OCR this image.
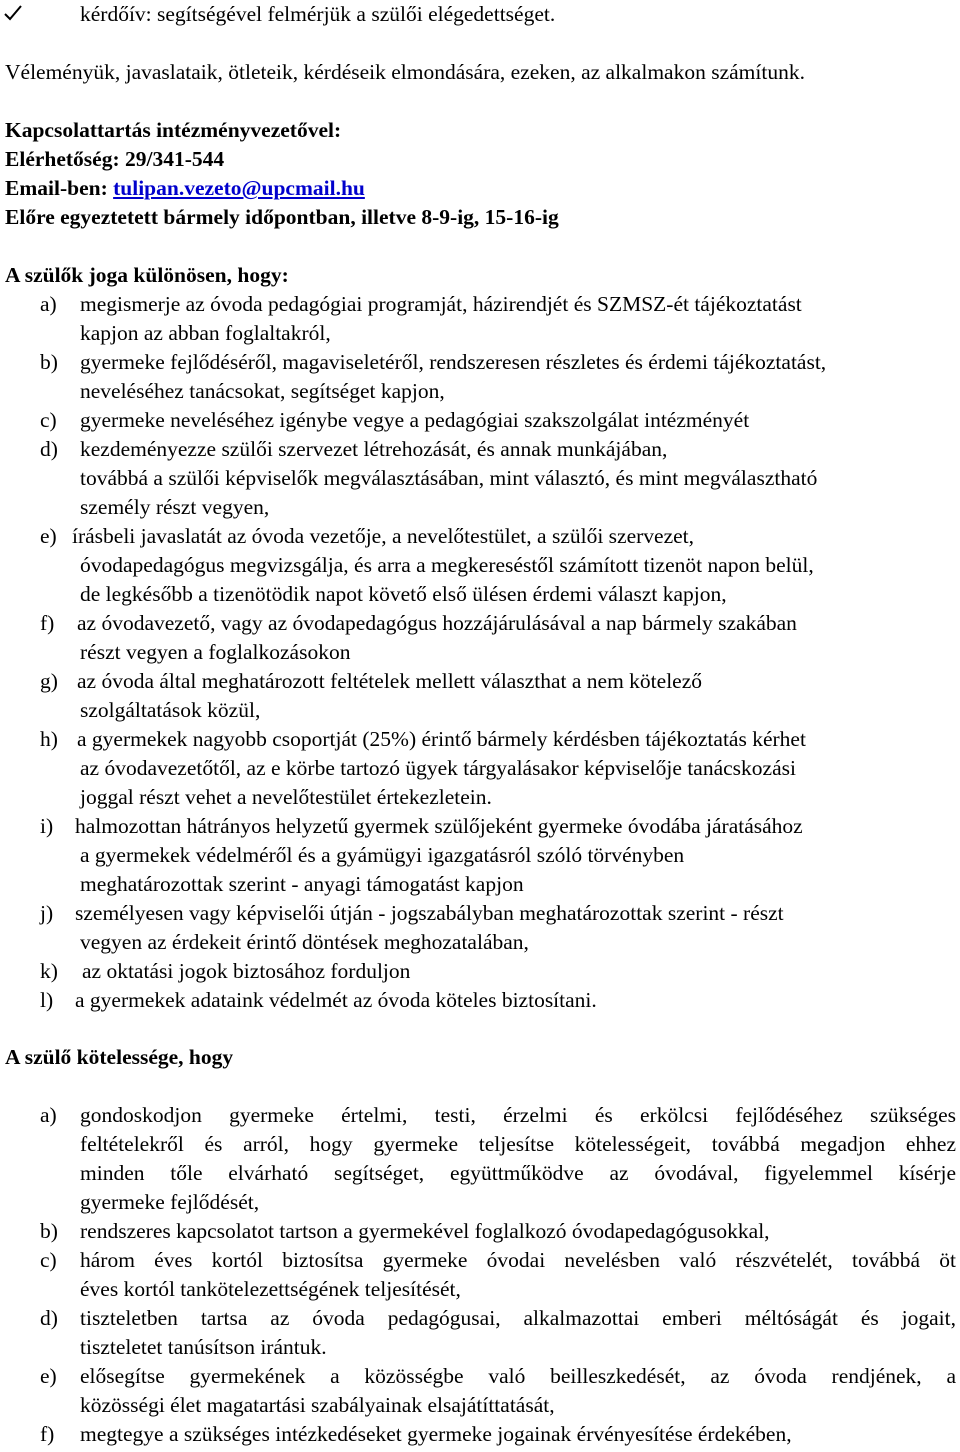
kérdőív: segítségével felmérjük a szülői elégedettséget.
Véleményük, javaslataik, ötleteik, kérdéseik elmondására, ezeken, az alkalmakon számítunk.
Kapcsolattartás intézményvezetővel:
Elérhetőség: 29/341-544
Email-ben: tulipan.vezeto@upcmail.hu
Előre egyeztetett bármely időpontban, illetve 8-9-ig, 15-16-ig
A szülők joga különösen, hogy:
a) megismerje az óvoda pedagógiai programját, házirendjét és SZMSZ-ét tájékoztatást
kapjon az abban foglaltakról,
b) gyermeke fejlődéséről, magaviseletéről, rendszeresen részletes és érdemi tájékoztatást,
neveléséhez tanácsokat, segítséget kapjon,
c) gyermeke neveléséhez igénybe vegye a pedagógiai szakszolgálat intézményét
d) kezdeményezze szülői szervezet létrehozását, és annak munkájában,
továbbá a szülői képviselők megválasztásában, mint választó, és mint megválasztható
személy részt vegyen,
e) írásbeli javaslatát az óvoda vezetője, a nevelőtestület, a szülői szervezet,
óvodapedagógus megvizsgálja, és arra a megkereséstől számított tizenöt napon belül,
de legkésőbb a tizenötödik napot követő első ülésen érdemi választ kapjon,
f) az óvodavezető, vagy az óvodapedagógus hozzájárulásával a nap bármely szakában
részt vegyen a foglalkozásokon
g) az óvoda által meghatározott feltételek mellett választhat a nem kötelező
szolgáltatások közül,
h) a gyermekek nagyobb csoportját (25%) érintő bármely kérdésben tájékoztatás kérhet
az óvodavezetőtől, az e körbe tartozó ügyek tárgyalásakor képviselője tanácskozási
joggal részt vehet a nevelőtestület értekezletein.
i) halmozottan hátrányos helyzetű gyermek szülőjeként gyermeke óvodába járatásához
a gyermekek védelméről és a gyámügyi igazgatásról szóló törvényben
meghatározottak szerint - anyagi támogatást kapjon
j) személyesen vagy képviselői útján - jogszabályban meghatározottak szerint - részt
vegyen az érdekeit érintő döntések meghozatalában,
k) az oktatási jogok biztosához forduljon
l) a gyermekek adataink védelmét az óvoda köteles biztosítani.
A szülő kötelessége, hogy
a) gondoskodjon gyermeke értelmi, testi, érzelmi és erkölcsi fejlődéséhez szükséges
feltételekről és arról, hogy gyermeke teljesítse kötelességeit, továbbá megadjon ehhez
minden tőle elvárható segítséget, együttműködve az óvodával, figyelemmel kísérje
gyermeke fejlődését,
b) rendszeres kapcsolatot tartson a gyermekével foglalkozó óvodapedagógusokkal,
c) három éves kortól biztosítsa gyermeke óvodai nevelésben való részvételét, továbbá öt
éves kortól tankötelezettségének teljesítését,
d) tiszteletben tartsa az óvoda pedagógusai, alkalmazottai emberi méltóságát és jogait,
tiszteletet tanúsítson irántuk.
e) elősegítse gyermekének a közösségbe való beilleszkedését, az óvoda rendjének, a
közösségi élet magatartási szabályainak elsajátíttatását,
f) megtegye a szükséges intézkedéseket gyermeke jogainak érvényesítése érdekében,
